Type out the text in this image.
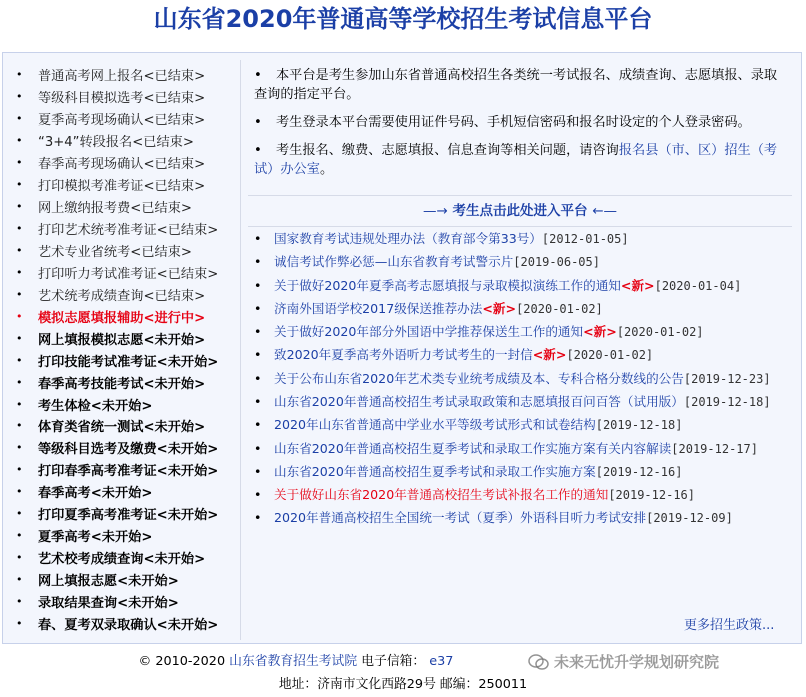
山东省2020年普通高等学校招生考试信息平台
•	普通高考网上报名<已结束>
•	等级科目模拟选考<已结束>
•	夏季高考现场确认<已结束>
•	“3+4”转段报名<已结束>
•	春季高考现场确认<已结束>
•	打印模拟考准考证<已结束>
•	网上缴纳报考费<已结束>
•	打印艺术统考准考证<已结束>
•	艺术专业省统考<已结束>
•	打印听力考试准考证<已结束>
•	艺术统考成绩查询<已结束>
•	模拟志愿填报辅助<进行中>
•	网上填报模拟志愿<未开始>
•	打印技能考试准考证<未开始>
•	春季高考技能考试<未开始>
•	考生体检<未开始>
•	体育类省统一测试<未开始>
•	等级科目选考及缴费<未开始>
•	打印春季高考准考证<未开始>
•	春季高考<未开始>
•	打印夏季高考准考证<未开始>
•	夏季高考<未开始>
•	艺术校考成绩查询<未开始>
•	网上填报志愿<未开始>
•	录取结果查询<未开始>
•	春、夏考双录取确认<未开始>

• 本平台是考生参加山东省普通高校招生各类统一考试报名、成绩查询、志愿填报、录取查询的指定平台。

• 考生登录本平台需要使用证件号码、手机短信密码和报名时设定的个人登录密码。

• 考生报名、缴费、志愿填报、信息查询等相关问题，请咨询报名县（市、区）招生（考试）办公室。

—→ 考生点击此处进入平台 ←—
• 国家教育考试违规处理办法（教育部令第33号）[2012-01-05]
• 诚信考试作弊必惩—山东省教育考试警示片[2019-06-05]
• 关于做好2020年夏季高考志愿填报与录取模拟演练工作的通知<新>[2020-01-04]
• 济南外国语学校2017级保送推荐办法<新>[2020-01-02]
• 关于做好2020年部分外国语中学推荐保送生工作的通知<新>[2020-01-02]
• 致2020年夏季高考外语听力考试考生的一封信<新>[2020-01-02]
• 关于公布山东省2020年艺术类专业统考成绩及本、专科合格分数线的公告[2019-12-23]
• 山东省2020年普通高校招生考试录取政策和志愿填报百问百答（试用版）[2019-12-18]
• 2020年山东省普通高中学业水平等级考试形式和试卷结构[2019-12-18]
• 山东省2020年普通高校招生夏季考试和录取工作实施方案有关内容解读[2019-12-17]
• 山东省2020年普通高校招生夏季考试和录取工作实施方案[2019-12-16]
• 关于做好山东省2020年普通高校招生考试补报名工作的通知[2019-12-16]
• 2020年普通高校招生全国统一考试（夏季）外语科目听力考试安排[2019-12-09]
更多招生政策...
© 2010-2020 山东省教育招生考试院 电子信箱： e37
地址：济南市文化西路29号 邮编：250011
未来无忧升学规划研究院
